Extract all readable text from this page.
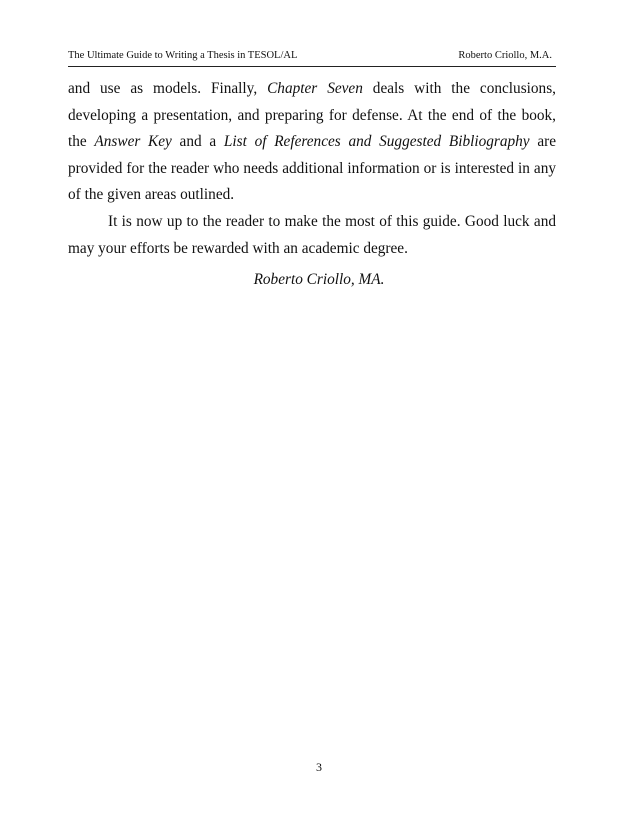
The Ultimate Guide to Writing a Thesis in TESOL/AL	Roberto Criollo, M.A.

and use as models. Finally, Chapter Seven deals with the conclusions, developing a presentation, and preparing for defense. At the end of the book, the Answer Key and a List of References and Suggested Bibliography are provided for the reader who needs additional information or is interested in any of the given areas outlined.

It is now up to the reader to make the most of this guide. Good luck and may your efforts be rewarded with an academic degree.

Roberto Criollo, MA.
3
